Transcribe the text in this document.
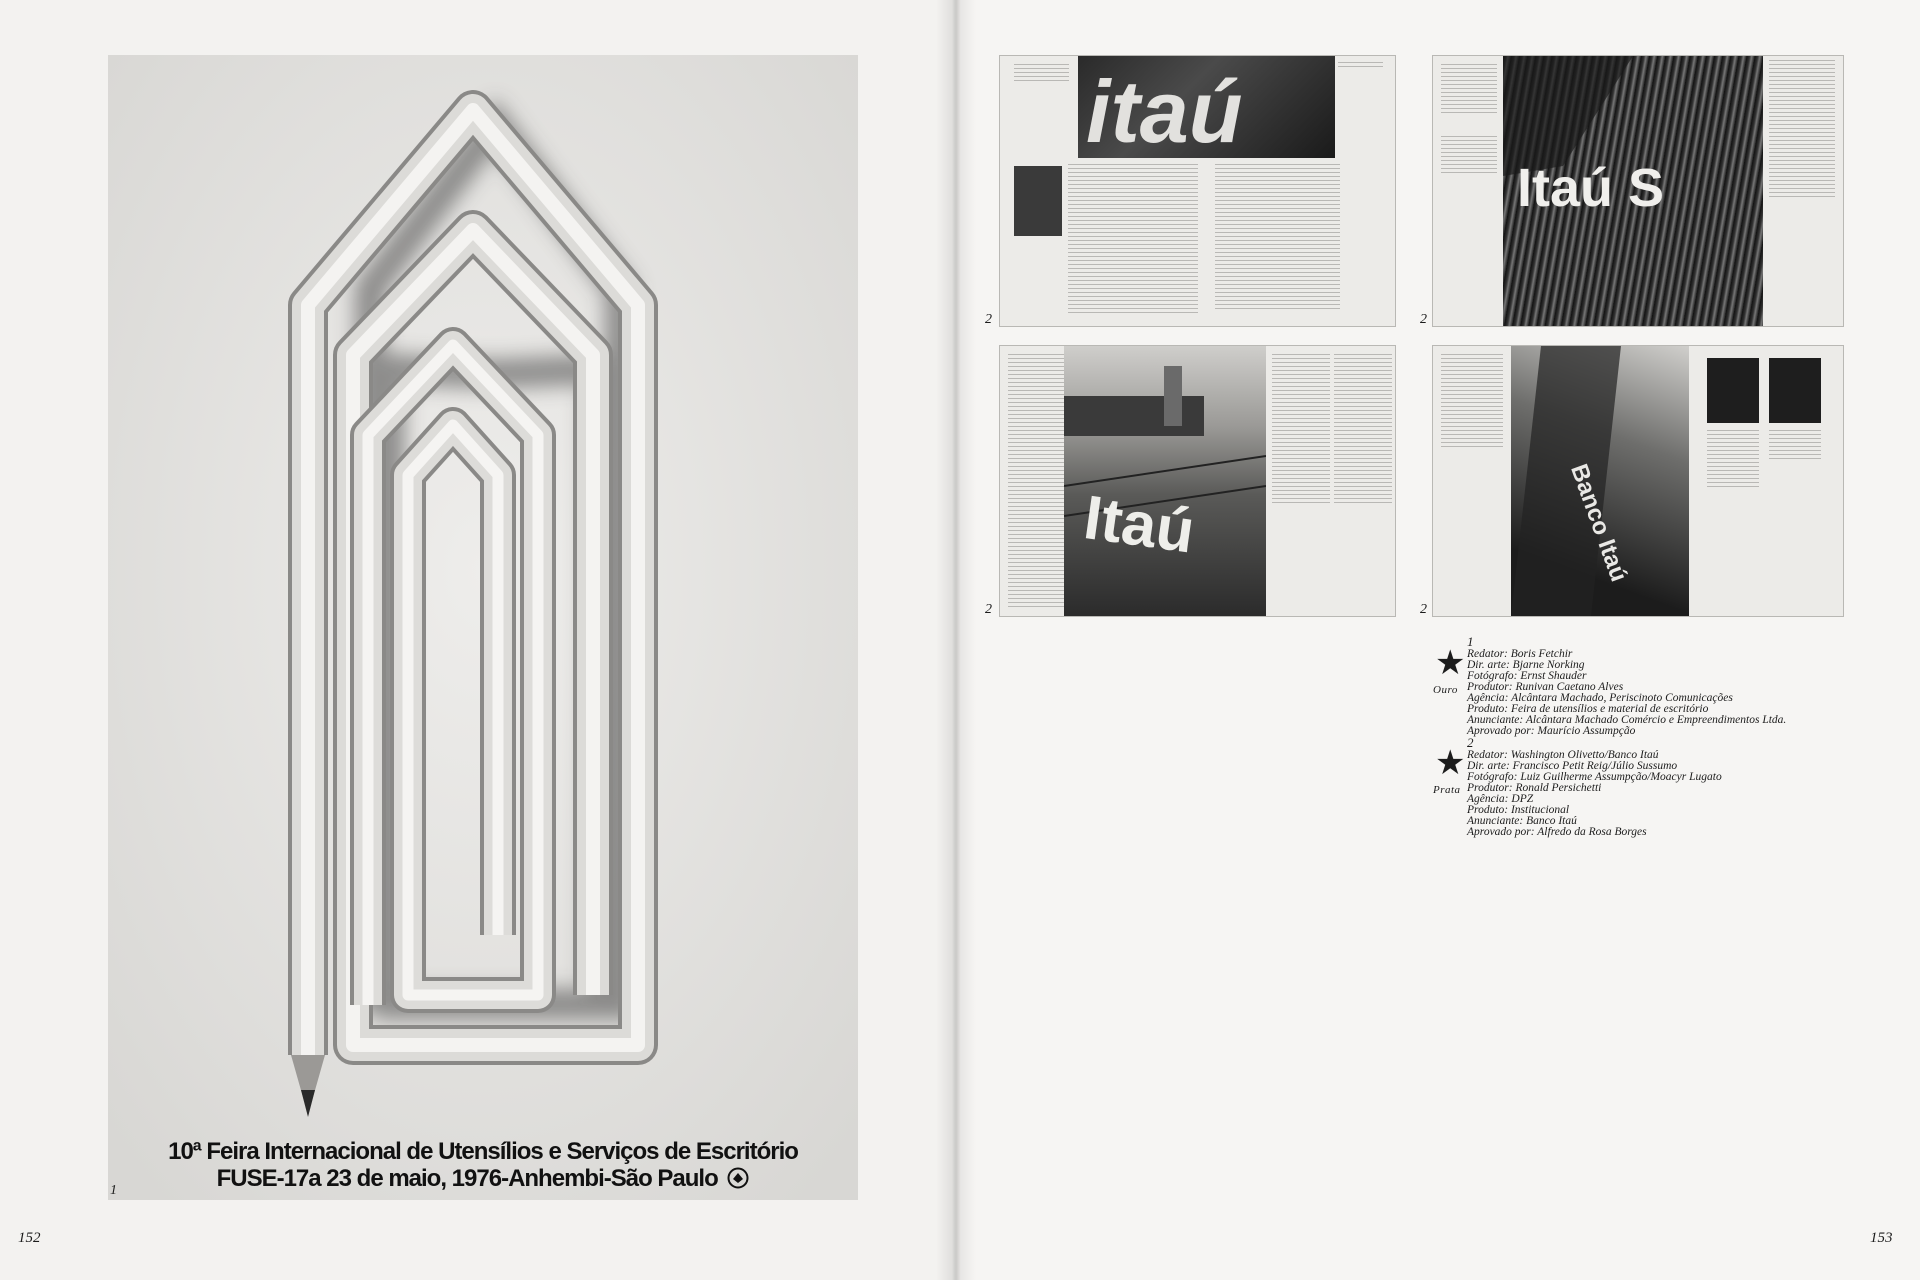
10ª Feira Internacional de Utensílios e Serviços de Escritório
FUSE-17a 23 de maio, 1976-Anhembi-São Paulo
1
152
itaú
2
Itaú S
2
Itaú
2
Banco Itaú
2
153
1
★
Ouro
Redator: Boris Fetchir
Dir. arte: Bjarne Norking
Fotógrafo: Ernst Shauder
Produtor: Runivan Caetano Alves
Agência: Alcântara Machado, Periscinoto Comunicações
Produto: Feira de utensílios e material de escritório
Anunciante: Alcântara Machado Comércio e Empreendimentos Ltda.
Aprovado por: Maurício Assumpção
2
★
Prata
Redator: Washington Olivetto/Banco Itaú
Dir. arte: Francisco Petit Reig/Júlio Sussumo
Fotógrafo: Luiz Guilherme Assumpção/Moacyr Lugato
Produtor: Ronald Persichetti
Agência: DPZ
Produto: Institucional
Anunciante: Banco Itaú
Aprovado por: Alfredo da Rosa Borges
